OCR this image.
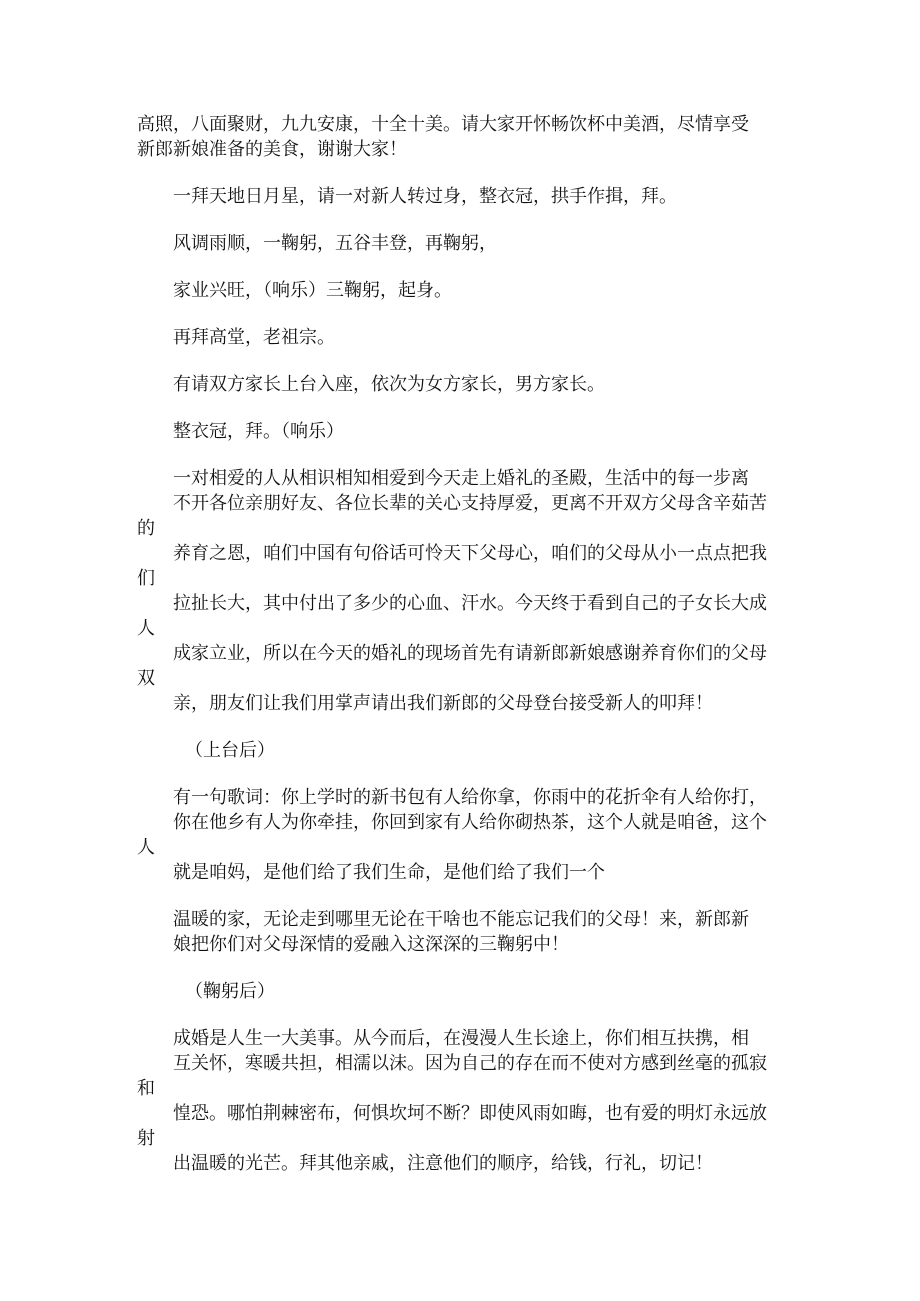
高照，八面聚财，九九安康，十全十美。请大家开怀畅饮杯中美酒，尽情享受
新郎新娘准备的美食，谢谢大家！

一拜天地日月星，请一对新人转过身，整衣冠，拱手作揖，拜。

风调雨顺，一鞠躬，五谷丰登，再鞠躬，

家业兴旺，（响乐）三鞠躬，起身。

再拜高堂，老祖宗。

有请双方家长上台入座，依次为女方家长，男方家长。

整衣冠，拜。（响乐）

一对相爱的人从相识相知相爱到今天走上婚礼的圣殿，生活中的每一步离
不开各位亲朋好友、各位长辈的关心支持厚爱，更离不开双方父母含辛茹苦的
养育之恩，咱们中国有句俗话可怜天下父母心，咱们的父母从小一点点把我们
拉扯长大，其中付出了多少的心血、汗水。今天终于看到自己的子女长大成人
成家立业，所以在今天的婚礼的现场首先有请新郎新娘感谢养育你们的父母双
亲，朋友们让我们用掌声请出我们新郎的父母登台接受新人的叩拜！

（上台后）

有一句歌词：你上学时的新书包有人给你拿，你雨中的花折伞有人给你打，
你在他乡有人为你牵挂，你回到家有人给你砌热茶，这个人就是咱爸，这个人
就是咱妈，是他们给了我们生命，是他们给了我们一个

温暖的家，无论走到哪里无论在干啥也不能忘记我们的父母！来，新郎新
娘把你们对父母深情的爱融入这深深的三鞠躬中！

（鞠躬后）

成婚是人生一大美事。从今而后，在漫漫人生长途上，你们相互扶携，相
互关怀，寒暖共担，相濡以沫。因为自己的存在而不使对方感到丝毫的孤寂和
惶恐。哪怕荆棘密布，何惧坎坷不断？即使风雨如晦，也有爱的明灯永远放射
出温暖的光芒。拜其他亲戚，注意他们的顺序，给钱，行礼，切记！
